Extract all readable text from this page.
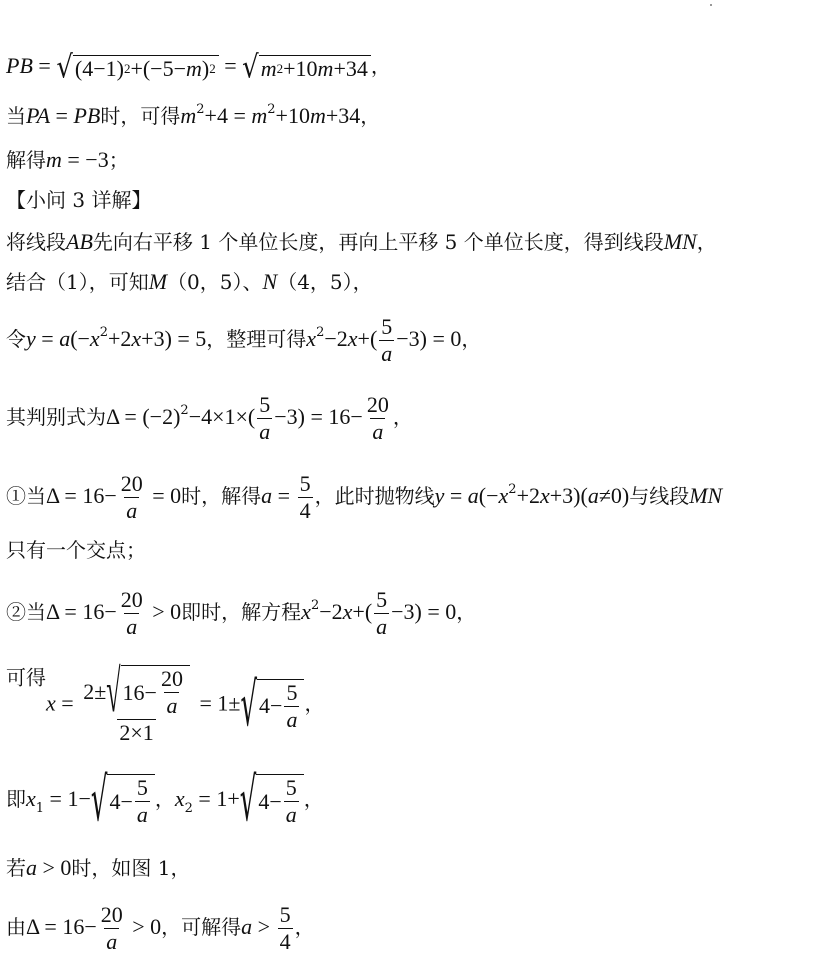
PB = √ (4−1) 2 +(−5− m ) 2 = √ m 2 +10 m +34 ，
当PA = PB时，可得$m^2+4 = m^2+10m+34$，
解得m = −3；
【小问 3 详解】
将线段AB先向右平移 1 个单位长度，再向上平移 5 个单位长度，得到线段MN，
结合（1），可知M（0，5）、N（4，5），
令$y = a(-x^2+2x+3) = 5$，整理可得$x^2-2x+( \frac{5}{a} -3) = 0$，
其判别式为$\Delta = (-2)^2-4\times 1\times( \frac{5}{a} -3) = 16- \frac{20}{a}$ ，
①当$\Delta = 16- \frac{20}{a} = 0$时，解得$a = \frac{5}{4}$ ，此时抛物线$y = a(-x^2+2x+3)(a\ne 0)$与线段MN
只有一个交点；
②当$\Delta = 16- \frac{20}{a} > 0$即时，解方程$x^2-2x+( \frac{5}{a} -3) = 0$，
可得$x = \frac{2\pm √ 16- \frac{20}{a}}{2\times 1} = 1\pm$ √ $4- \frac{5}{a}$ ，
即$x_1 = 1-$ √ $4- \frac{5}{a}$ ，$x_2 = 1+$ √ $4- \frac{5}{a}$ ，
若a > 0时，如图 1，
由$\Delta = 16- \frac{20}{a} > 0$，可解得$a > \frac{5}{4}$ ，
